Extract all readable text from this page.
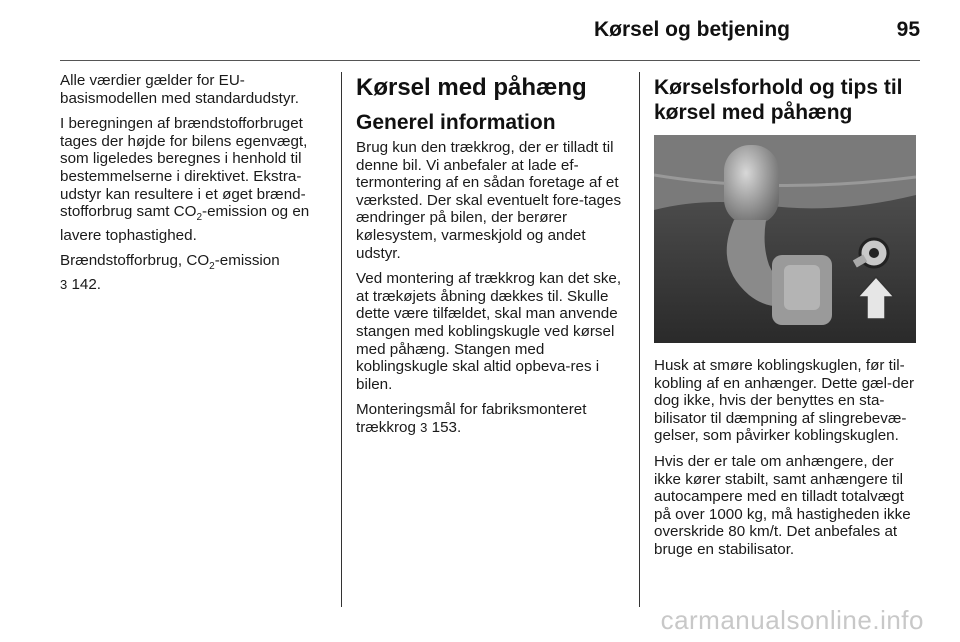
Kørsel og betjening	95

Alle værdier gælder for EU-basismodellen med standardudstyr.

I beregningen af brændstofforbruget tages der højde for bilens egenvægt, som ligeledes beregnes i henhold til bestemmelserne i direktivet. Ekstra-udstyr kan resultere i et øget brænd-stofforbrug samt $CO_2$-emission og en lavere tophastighed.

Brændstofforbrug, $CO_2$-emission
3 142.

Kørsel med påhæng
Generel information

Brug kun den trækkrog, der er tilladt til denne bil. Vi anbefaler at lade ef-termontering af en sådan foretage af et værksted. Der skal eventuelt fore-tages ændringer på bilen, der berører kølesystem, varmeskjold og andet udstyr.

Ved montering af trækkrog kan det ske, at trækøjets åbning dækkes til. Skulle dette være tilfældet, skal man anvende stangen med koblingskugle ved kørsel med påhæng. Stangen med koblingskugle skal altid opbeva-res i bilen.

Monteringsmål for fabriksmonteret trækkrog 3 153.

Kørselsforhold og tips til kørsel med påhæng

Husk at smøre koblingskuglen, før til-kobling af en anhænger. Dette gæl-der dog ikke, hvis der benyttes en sta-bilisator til dæmpning af slingrebevæ-gelser, som påvirker koblingskuglen.

Hvis der er tale om anhængere, der ikke kører stabilt, samt anhængere til autocampere med en tilladt totalvægt på over 1000 kg, må hastigheden ikke overskride 80 km/t. Det anbefales at bruge en stabilisator.

carmanualsonline.info
